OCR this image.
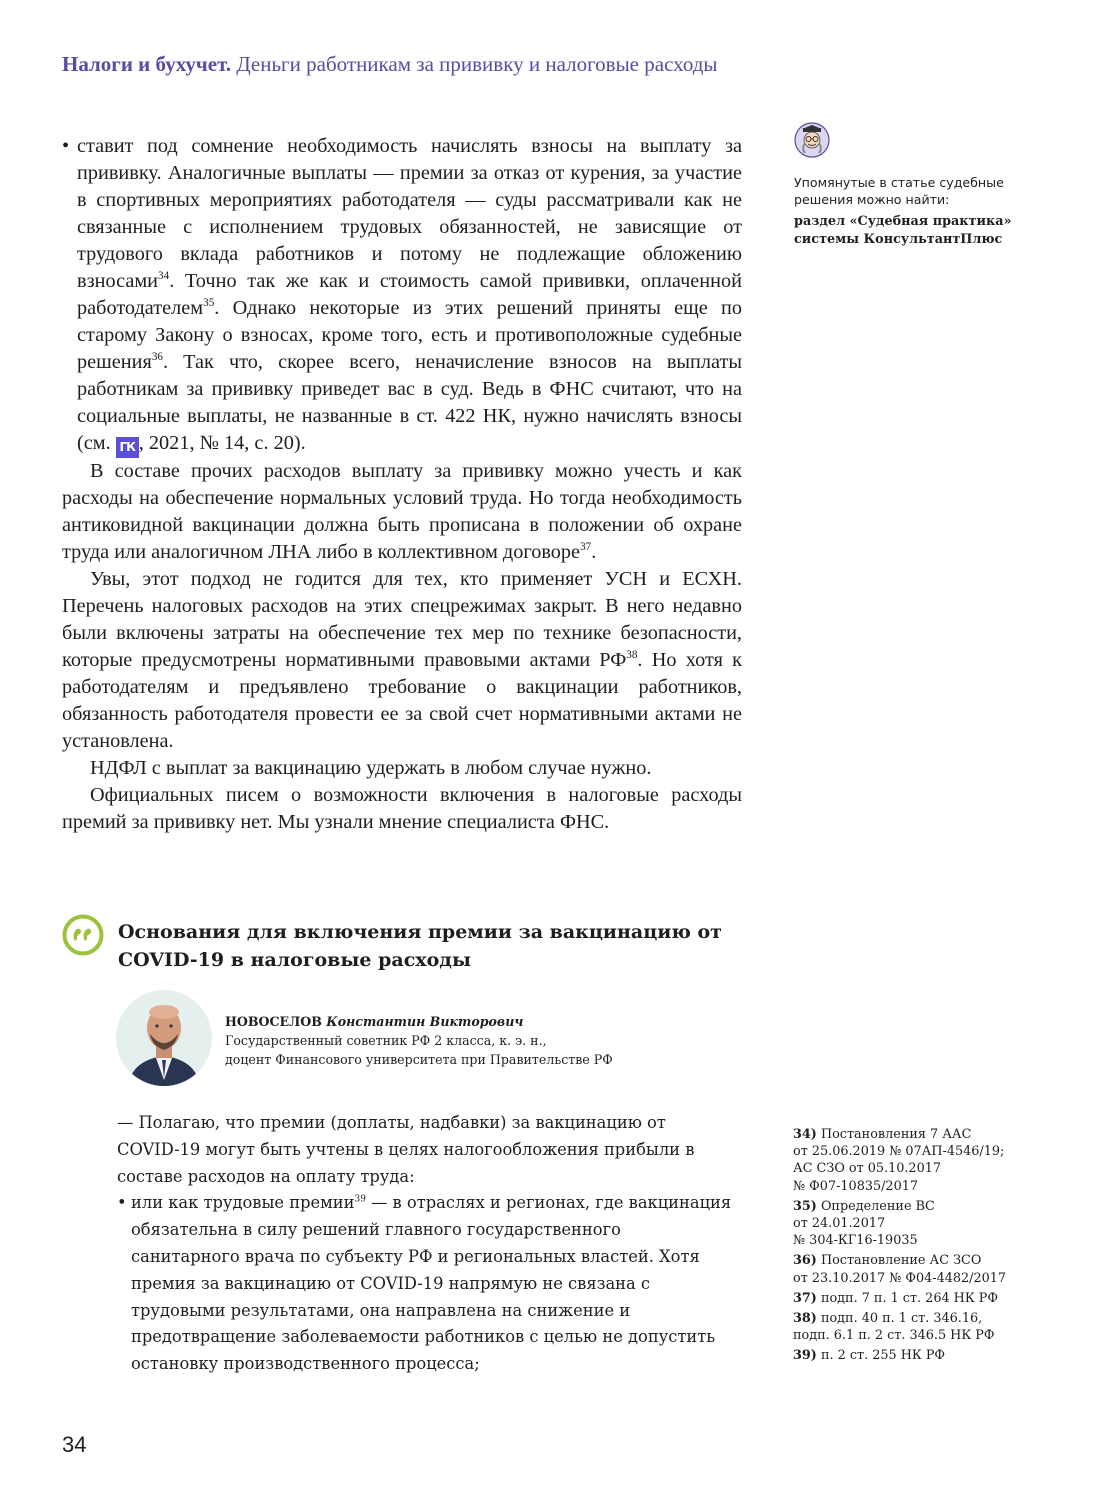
Налоги и бухучет. Деньги работникам за прививку и налоговые расходы

• ставит под сомнение необходимость начислять взносы на выплату за прививку. Аналогичные выплаты — премии за отказ от курения, за участие в спортивных мероприятиях работодателя — суды рассматривали как не связанные с исполнением трудовых обязанностей, не зависящие от трудового вклада работников и потому не подлежащие обложению взносами$^{34}$. Точно так же как и стоимость самой прививки, оплаченной работодателем$^{35}$. Однако некоторые из этих решений приняты еще по старому Закону о взносах, кроме того, есть и противоположные судебные решения$^{36}$. Так что, скорее всего, неначисление взносов на выплаты работникам за прививку приведет вас в суд. Ведь в ФНС считают, что на социальные выплаты, не названные в ст. 422 НК, нужно начислять взносы (см. ГК , 2021, № 14, с. 20).

В составе прочих расходов выплату за прививку можно учесть и как расходы на обеспечение нормальных условий труда. Но тогда необходимость антиковидной вакцинации должна быть прописана в положении об охране труда или аналогичном ЛНА либо в коллективном договоре$^{37}$.

Увы, этот подход не годится для тех, кто применяет УСН и ЕСХН. Перечень налоговых расходов на этих спецрежимах закрыт. В него недавно были включены затраты на обеспечение тех мер по технике безопасности, которые предусмотрены нормативными правовыми актами РФ$^{38}$. Но хотя к работодателям и предъявлено требование о вакцинации работников, обязанность работодателя провести ее за свой счет нормативными актами не установлена.

НДФЛ с выплат за вакцинацию удержать в любом случае нужно.

Официальных писем о возможности включения в налоговые расходы премий за прививку нет. Мы узнали мнение специалиста ФНС.

Упомянутые в статье судебные решения можно найти:
раздел «Судебная практика» системы КонсультантПлюс
Основания для включения премии за вакцинацию от COVID-19 в налоговые расходы
НОВОСЕЛОВ Константин Викторович
Государственный советник РФ 2 класса, к. э. н.,
доцент Финансового университета при Правительстве РФ

— Полагаю, что премии (доплаты, надбавки) за вакцинацию от COVID-19 могут быть учтены в целях налогообложения прибыли в составе расходов на оплату труда:

• или как трудовые премии$^{39}$ — в отраслях и регионах, где вакцинация обязательна в силу решений главного государственного санитарного врача по субъекту РФ и региональных властей. Хотя премия за вакцинацию от COVID-19 напрямую не связана с трудовыми результатами, она направлена на снижение и предотвращение заболеваемости работников с целью не допустить остановку производственного процесса;

34) Постановления 7 ААС
от 25.06.2019 № 07АП-4546/19;
АС СЗО от 05.10.2017
№ Ф07-10835/2017
35) Определение ВС
от 24.01.2017
№ 304-КГ16-19035
36) Постановление АС ЗСО
от 23.10.2017 № Ф04-4482/2017
37) подп. 7 п. 1 ст. 264 НК РФ
38) подп. 40 п. 1 ст. 346.16,
подп. 6.1 п. 2 ст. 346.5 НК РФ
39) п. 2 ст. 255 НК РФ
34
